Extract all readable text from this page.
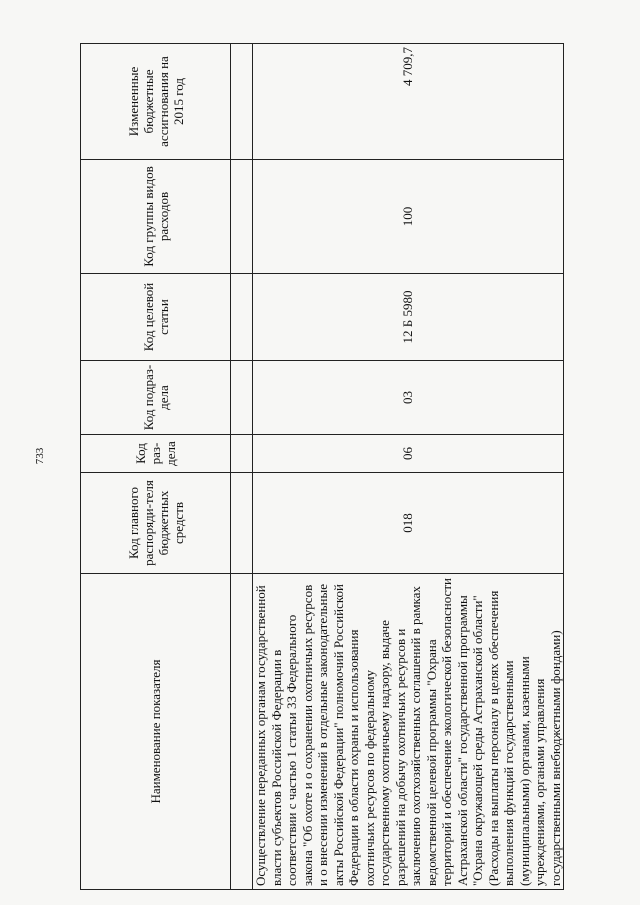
733
Наименование показателя	Код главного распоряди-теля бюджетных средств	Код раз-дела	Код подраз-дела	Код целевой статьи	Код группы видов расходов	Измененные бюджетные ассигнования на 2015 год

Осуществление переданных органам государственной власти субъектов Российской Федерации в соответствии с частью 1 статьи 33 Федерального закона "Об охоте и о сохранении охотничьих ресурсов и о внесении изменений в отдельные законодательные акты Российской Федерации" полномочий Российской Федерации в области охраны и использования охотничьих ресурсов по федеральному государственному охотничьему надзору, выдаче разрешений на добычу охотничьих ресурсов и заключению охотхозяйственных соглашений в рамках ведомственной целевой программы "Охрана территорий и обеспечение экологической безопасности Астраханской области" государственной программы "Охрана окружающей среды Астраханской области" (Расходы на выплаты персоналу в целях обеспечения выполнения функций государственными (муниципальными) органами, казенными учреждениями, органами управления государственными внебюджетными фондами)	018	06	03	12 Б 5980	100	4 709,7
